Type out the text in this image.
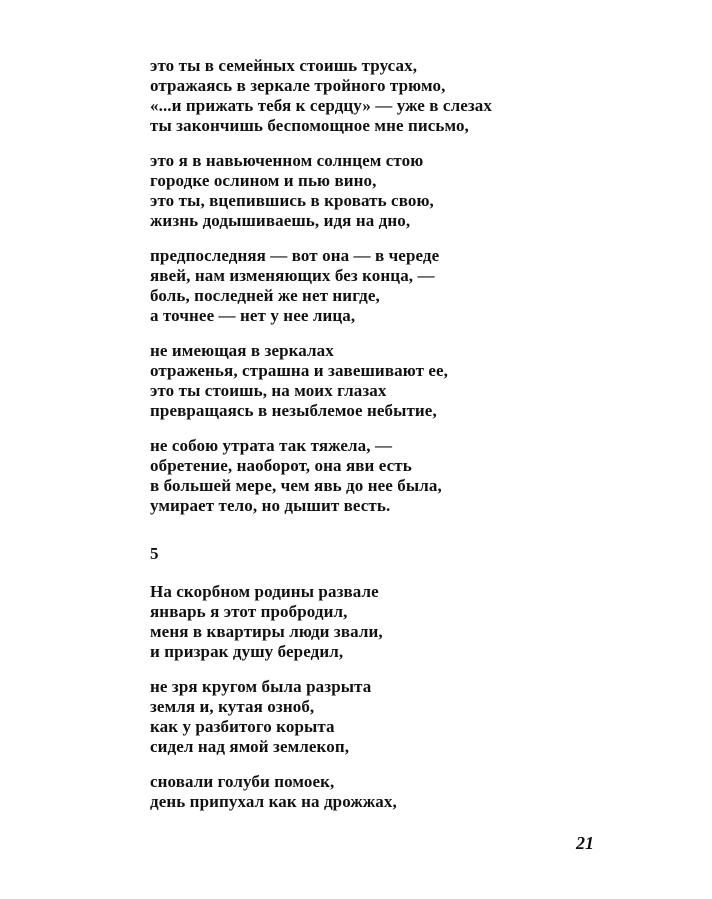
это ты в семейных стоишь трусах,
отражаясь в зеркале тройного трюмо,
«...и прижать тебя к сердцу» — уже в слезах
ты закончишь беспомощное мне письмо,
это я в навьюченном солнцем стою
городке ослином и пью вино,
это ты, вцепившись в кровать свою,
жизнь додышиваешь, идя на дно,
предпоследняя — вот она — в череде
явей, нам изменяющих без конца, —
боль, последней же нет нигде,
а точнее — нет у нее лица,
не имеющая в зеркалах
отраженья, страшна и завешивают ее,
это ты стоишь, на моих глазах
превращаясь в незыблемое небытие,
не собою утрата так тяжела, —
обретение, наоборот, она яви есть
в большей мере, чем явь до нее была,
умирает тело, но дышит весть.
5
На скорбном родины развале
январь я этот пробродил,
меня в квартиры люди звали,
и призрак душу бередил,
не зря кругом была разрыта
земля и, кутая озноб,
как у разбитого корыта
сидел над ямой землекоп,
сновали голуби помоек,
день припухал как на дрожжах,
21
